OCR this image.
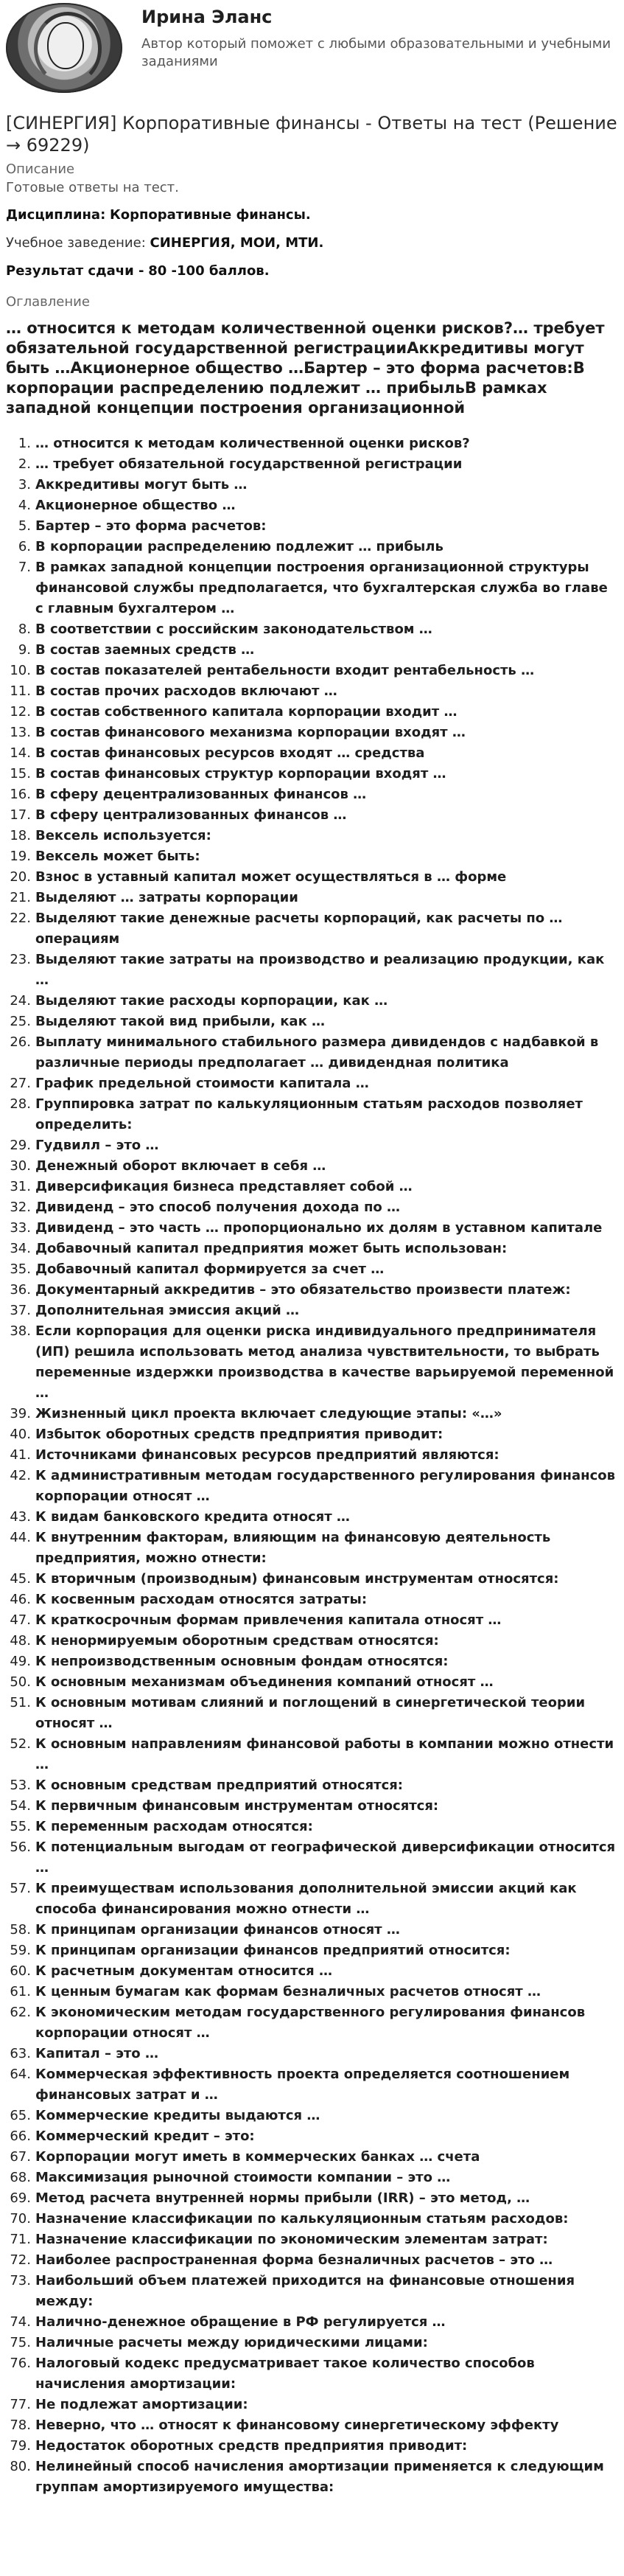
Ирина Эланс
Автор который поможет с любыми образовательными и учебными заданиями
[СИНЕРГИЯ] Корпоративные финансы - Ответы на тест (Решение → 69229)
Описание
Готовые ответы на тест.
Дисциплина: Корпоративные финансы.
Учебное заведение: СИНЕРГИЯ, МОИ, МТИ.
Результат сдачи - 80 -100 баллов.
Оглавление
… относится к методам количественной оценки рисков?… требует обязательной государственной регистрацииАккредитивы могут быть …Акционерное общество …Бартер – это форма расчетов:В корпорации распределению подлежит … прибыльВ рамках западной концепции построения организационной
1. … относится к методам количественной оценки рисков?
2. … требует обязательной государственной регистрации
3. Аккредитивы могут быть …
4. Акционерное общество …
5. Бартер – это форма расчетов:
6. В корпорации распределению подлежит … прибыль
7. В рамках западной концепции построения организационной структуры финансовой службы предполагается, что бухгалтерская служба во главе с главным бухгалтером …
8. В соответствии с российским законодательством …
9. В состав заемных средств …
10. В состав показателей рентабельности входит рентабельность …
11. В состав прочих расходов включают …
12. В состав собственного капитала корпорации входит …
13. В состав финансового механизма корпорации входят …
14. В состав финансовых ресурсов входят … средства
15. В состав финансовых структур корпорации входят …
16. В сферу децентрализованных финансов …
17. В сферу централизованных финансов …
18. Вексель используется:
19. Вексель может быть:
20. Взнос в уставный капитал может осуществляться в … форме
21. Выделяют … затраты корпорации
22. Выделяют такие денежные расчеты корпораций, как расчеты по … операциям
23. Выделяют такие затраты на производство и реализацию продукции, как …
24. Выделяют такие расходы корпорации, как …
25. Выделяют такой вид прибыли, как …
26. Выплату минимального стабильного размера дивидендов с надбавкой в различные периоды предполагает … дивидендная политика
27. График предельной стоимости капитала …
28. Группировка затрат по калькуляционным статьям расходов позволяет определить:
29. Гудвилл – это …
30. Денежный оборот включает в себя …
31. Диверсификация бизнеса представляет собой …
32. Дивиденд – это способ получения дохода по …
33. Дивиденд – это часть … пропорционально их долям в уставном капитале
34. Добавочный капитал предприятия может быть использован:
35. Добавочный капитал формируется за счет …
36. Документарный аккредитив – это обязательство произвести платеж:
37. Дополнительная эмиссия акций …
38. Если корпорация для оценки риска индивидуального предпринимателя (ИП) решила использовать метод анализа чувствительности, то выбрать переменные издержки производства в качестве варьируемой переменной …
39. Жизненный цикл проекта включает следующие этапы: «…»
40. Избыток оборотных средств предприятия приводит:
41. Источниками финансовых ресурсов предприятий являются:
42. К административным методам государственного регулирования финансов корпорации относят …
43. К видам банковского кредита относят …
44. К внутренним факторам, влияющим на финансовую деятельность предприятия, можно отнести:
45. К вторичным (производным) финансовым инструментам относятся:
46. К косвенным расходам относятся затраты:
47. К краткосрочным формам привлечения капитала относят …
48. К ненормируемым оборотным средствам относятся:
49. К непроизводственным основным фондам относятся:
50. К основным механизмам объединения компаний относят …
51. К основным мотивам слияний и поглощений в синергетической теории относят …
52. К основным направлениям финансовой работы в компании можно отнести …
53. К основным средствам предприятий относятся:
54. К первичным финансовым инструментам относятся:
55. К переменным расходам относятся:
56. К потенциальным выгодам от географической диверсификации относится …
57. К преимуществам использования дополнительной эмиссии акций как способа финансирования можно отнести …
58. К принципам организации финансов относят …
59. К принципам организации финансов предприятий относится:
60. К расчетным документам относится …
61. К ценным бумагам как формам безналичных расчетов относят …
62. К экономическим методам государственного регулирования финансов корпорации относят …
63. Капитал – это …
64. Коммерческая эффективность проекта определяется соотношением финансовых затрат и …
65. Коммерческие кредиты выдаются …
66. Коммерческий кредит – это:
67. Корпорации могут иметь в коммерческих банках … счета
68. Максимизация рыночной стоимости компании – это …
69. Метод расчета внутренней нормы прибыли (IRR) – это метод, …
70. Назначение классификации по калькуляционным статьям расходов:
71. Назначение классификации по экономическим элементам затрат:
72. Наиболее распространенная форма безналичных расчетов – это …
73. Наибольший объем платежей приходится на финансовые отношения между:
74. Налично-денежное обращение в РФ регулируется …
75. Наличные расчеты между юридическими лицами:
76. Налоговый кодекс предусматривает такое количество способов начисления амортизации:
77. Не подлежат амортизации:
78. Неверно, что … относят к финансовому синергетическому эффекту
79. Недостаток оборотных средств предприятия приводит:
80. Нелинейный способ начисления амортизации применяется к следующим группам амортизируемого имущества:
